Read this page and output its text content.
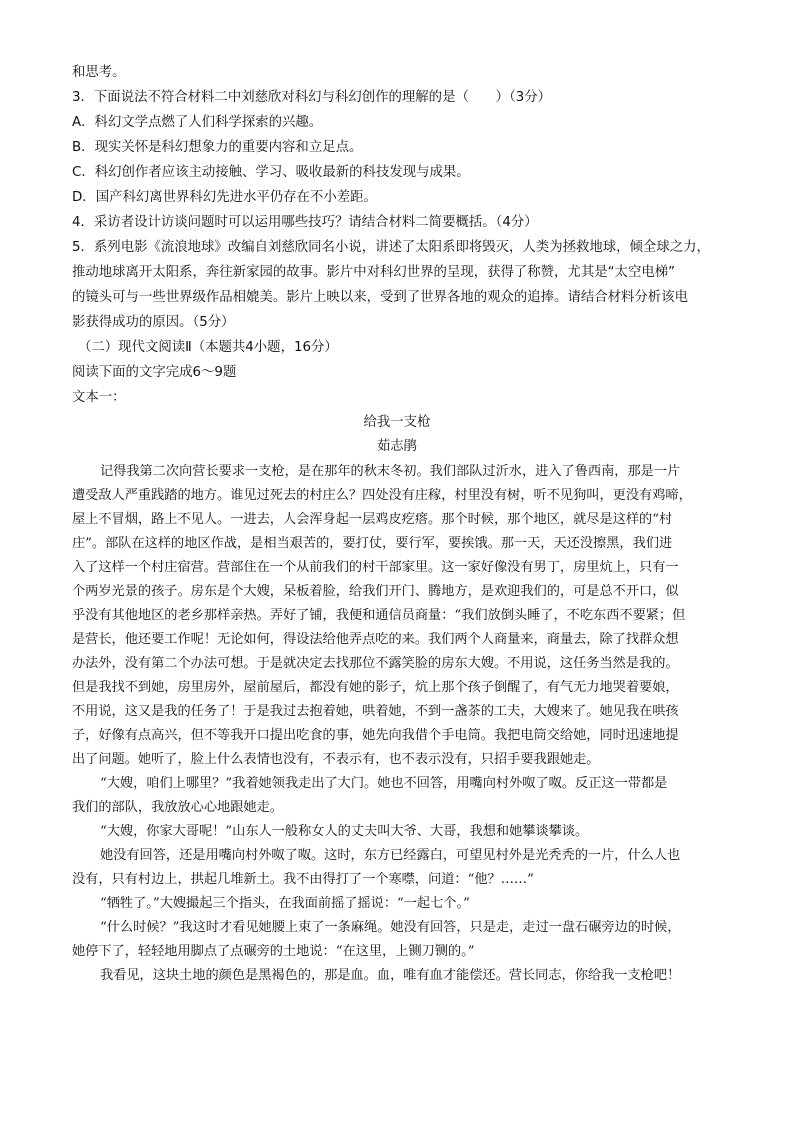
和思考。
3．下面说法不符合材料二中刘慈欣对科幻与科幻创作的理解的是（　　）（3分）
A．科幻文学点燃了人们科学探索的兴趣。
B．现实关怀是科幻想象力的重要内容和立足点。
C．科幻创作者应该主动接触、学习、吸收最新的科技发现与成果。
D．国产科幻离世界科幻先进水平仍存在不小差距。
4．采访者设计访谈问题时可以运用哪些技巧？请结合材料二简要概括。（4分）
5．系列电影《流浪地球》改编自刘慈欣同名小说，讲述了太阳系即将毁灭，人类为拯救地球，倾全球之力，
推动地球离开太阳系，奔往新家园的故事。影片中对科幻世界的呈现，获得了称赞，尤其是“太空电梯”
的镜头可与一些世界级作品相媲美。影片上映以来，受到了世界各地的观众的追捧。请结合材料分析该电
影获得成功的原因。（5分）
（二）现代文阅读Ⅱ（本题共4小题，16分）
阅读下面的文字完成6～9题
文本一：
给我一支枪
茹志鹃
记得我第二次向营长要求一支枪，是在那年的秋末冬初。我们部队过沂水，进入了鲁西南，那是一片
遭受敌人严重践踏的地方。谁见过死去的村庄么？四处没有庄稼，村里没有树，听不见狗叫，更没有鸡啼，
屋上不冒烟，路上不见人。一进去，人会浑身起一层鸡皮疙瘩。那个时候，那个地区，就尽是这样的“村
庄”。部队在这样的地区作战，是相当艰苦的，要打仗，要行军，要挨饿。那一天，天还没擦黑，我们进
入了这样一个村庄宿营。营部住在一个从前我们的村干部家里。这一家好像没有男丁，房里炕上，只有一
个两岁光景的孩子。房东是个大嫂，呆板着脸，给我们开门、腾地方，是欢迎我们的，可是总不开口，似
乎没有其他地区的老乡那样亲热。弄好了铺，我便和通信员商量：“我们放倒头睡了，不吃东西不要紧；但
是营长，他还要工作呢！无论如何，得设法给他弄点吃的来。我们两个人商量来，商量去，除了找群众想
办法外，没有第二个办法可想。于是就决定去找那位不露笑脸的房东大嫂。不用说，这任务当然是我的。
但是我找不到她，房里房外，屋前屋后，都没有她的影子，炕上那个孩子倒醒了，有气无力地哭着要娘，
不用说，这又是我的任务了！于是我过去抱着她，哄着她，不到一盏茶的工夫，大嫂来了。她见我在哄孩
子，好像有点高兴，但不等我开口提出吃食的事，她先向我借个手电筒。我把电筒交给她，同时迅速地提
出了问题。她听了，脸上什么表情也没有，不表示有，也不表示没有，只招手要我跟她走。
“大嫂，咱们上哪里？”我着她领我走出了大门。她也不回答，用嘴向村外呶了呶。反正这一带都是
我们的部队，我放放心心地跟她走。
“大嫂，你家大哥呢！”山东人一般称女人的丈夫叫大爷、大哥，我想和她攀谈攀谈。
她没有回答，还是用嘴向村外呶了呶。这时，东方已经露白，可望见村外是光秃秃的一片，什么人也
没有，只有村边上，拱起几堆新土。我不由得打了一个寒噤，问道：“他？……”
“牺牲了。”大嫂撮起三个指头，在我面前摇了摇说：“一起七个。”
“什么时候？”我这时才看见她腰上束了一条麻绳。她没有回答，只是走，走过一盘石碾旁边的时候，
她停下了，轻轻地用脚点了点碾旁的土地说：“在这里，上铡刀铡的。”
我看见，这块土地的颜色是黑褐色的，那是血。血，唯有血才能偿还。营长同志，你给我一支枪吧！
